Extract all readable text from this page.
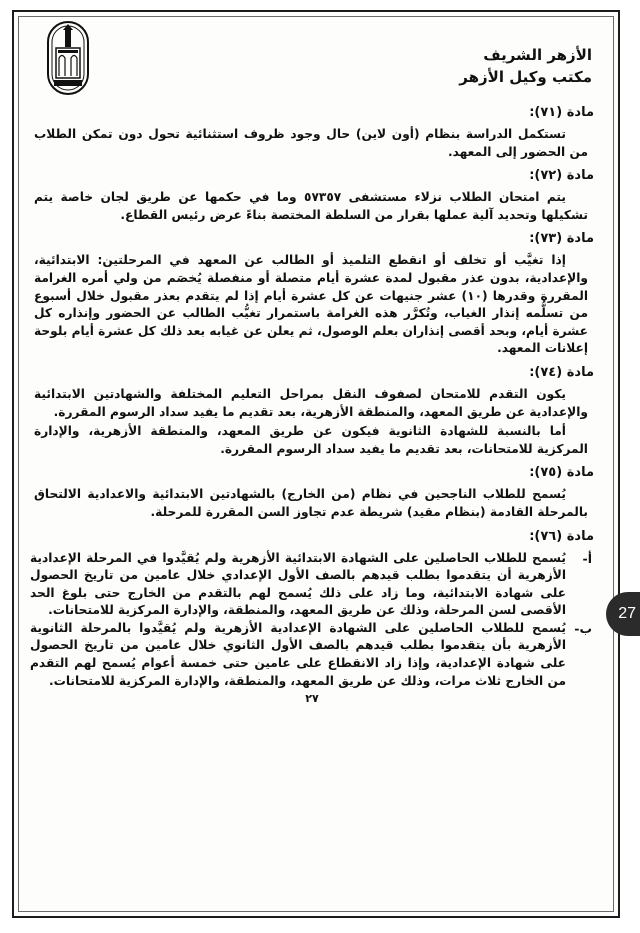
الأزهر الشريف
مكتب وكيل الأزهر
مادة (٧١):

تستكمل الدراسة بنظام (أون لاين) حال وجود ظروف استثنائية تحول دون تمكن الطلاب من الحضور إلى المعهد.

مادة (٧٢):

يتم امتحان الطلاب نزلاء مستشفى ٥٧٣٥٧ وما في حكمها عن طريق لجان خاصة يتم تشكيلها وتحديد آلية عملها بقرار من السلطة المختصة بناءً عرض رئيس القطاع.

مادة (٧٣):

إذا تغيَّب أو تخلف أو انقطع التلميذ أو الطالب عن المعهد في المرحلتين: الابتدائية، والإعدادية، بدون عذر مقبول لمدة عشرة أيام متصلة أو منفصلة يُخصَم من ولي أمره الغرامة المقررة وقدرها (١٠) عشر جنيهات عن كل عشرة أيام إذا لم يتقدم بعذر مقبول خلال أسبوع من تسلُّمه إنذار الغياب، وتُكرَّر هذه الغرامة باستمرار تغيُّب الطالب عن الحضور وإنذاره كل عشرة أيام، وبحد أقصى إنذاران بعلم الوصول، ثم يعلن عن غيابه بعد ذلك كل عشرة أيام بلوحة إعلانات المعهد.

مادة (٧٤):

يكون التقدم للامتحان لصفوف النقل بمراحل التعليم المختلفة والشهادتين الابتدائية والإعدادية عن طريق المعهد، والمنطقة الأزهرية، بعد تقديم ما يفيد سداد الرسوم المقررة.

أما بالنسبة للشهادة الثانوية فيكون عن طريق المعهد، والمنطقة الأزهرية، والإدارة المركزية للامتحانات، بعد تقديم ما يفيد سداد الرسوم المقررة.

مادة (٧٥):

يُسمح للطلاب الناجحين في نظام (من الخارج) بالشهادتين الابتدائية والاعدادية الالتحاق بالمرحلة القادمة (بنظام مقيد) شريطة عدم تجاوز السن المقررة للمرحلة.

مادة (٧٦):
أ-
يُسمح للطلاب الحاصلين على الشهادة الابتدائية الأزهرية ولم يُقيَّدوا في المرحلة الإعدادية الأزهرية أن يتقدموا بطلب قيدهم بالصف الأول الإعدادي خلال عامين من تاريخ الحصول على شهادة الابتدائية، وما زاد على ذلك يُسمح لهم بالتقدم من الخارج حتى بلوغ الحد الأقصى لسن المرحلة، وذلك عن طريق المعهد، والمنطقة، والإدارة المركزية للامتحانات.
ب-
يُسمح للطلاب الحاصلين على الشهادة الإعدادية الأزهرية ولم يُقيَّدوا بالمرحلة الثانوية الأزهرية بأن يتقدموا بطلب قيدهم بالصف الأول الثانوي خلال عامين من تاريخ الحصول على شهادة الإعدادية، وإذا زاد الانقطاع على عامين حتى خمسة أعوام يُسمح لهم التقدم من الخارج ثلاث مرات، وذلك عن طريق المعهد، والمنطقة، والإدارة المركزية للامتحانات.
٢٧
27
